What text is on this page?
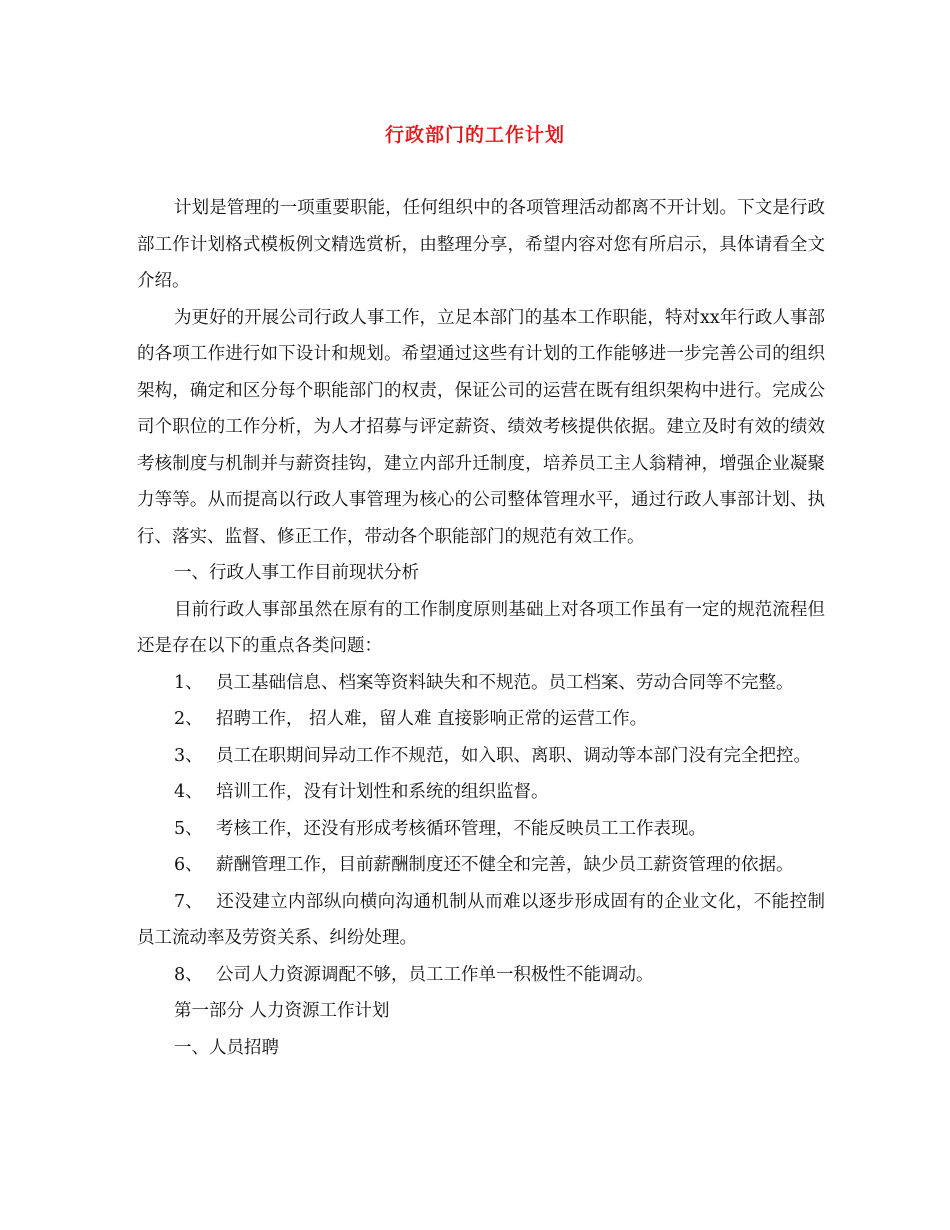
行政部门的工作计划

计划是管理的一项重要职能，任何组织中的各项管理活动都离不开计划。下文是行政部工作计划格式模板例文精选赏析，由整理分享，希望内容对您有所启示，具体请看全文介绍。

为更好的开展公司行政人事工作，立足本部门的基本工作职能，特对xx年行政人事部的各项工作进行如下设计和规划。希望通过这些有计划的工作能够进一步完善公司的组织架构，确定和区分每个职能部门的权责，保证公司的运营在既有组织架构中进行。完成公司个职位的工作分析，为人才招募与评定薪资、绩效考核提供依据。建立及时有效的绩效考核制度与机制并与薪资挂钩，建立内部升迁制度，培养员工主人翁精神，增强企业凝聚力等等。从而提高以行政人事管理为核心的公司整体管理水平，通过行政人事部计划、执行、落实、监督、修正工作，带动各个职能部门的规范有效工作。

一、行政人事工作目前现状分析

目前行政人事部虽然在原有的工作制度原则基础上对各项工作虽有一定的规范流程但还是存在以下的重点各类问题：

1、 员工基础信息、档案等资料缺失和不规范。员工档案、劳动合同等不完整。

2、 招聘工作， 招人难，留人难 直接影响正常的运营工作。

3、 员工在职期间异动工作不规范，如入职、离职、调动等本部门没有完全把控。

4、 培训工作，没有计划性和系统的组织监督。

5、 考核工作，还没有形成考核循环管理，不能反映员工工作表现。

6、 薪酬管理工作，目前薪酬制度还不健全和完善，缺少员工薪资管理的依据。

7、 还没建立内部纵向横向沟通机制从而难以逐步形成固有的企业文化，不能控制员工流动率及劳资关系、纠纷处理。

8、 公司人力资源调配不够，员工工作单一积极性不能调动。

第一部分 人力资源工作计划

一、人员招聘
